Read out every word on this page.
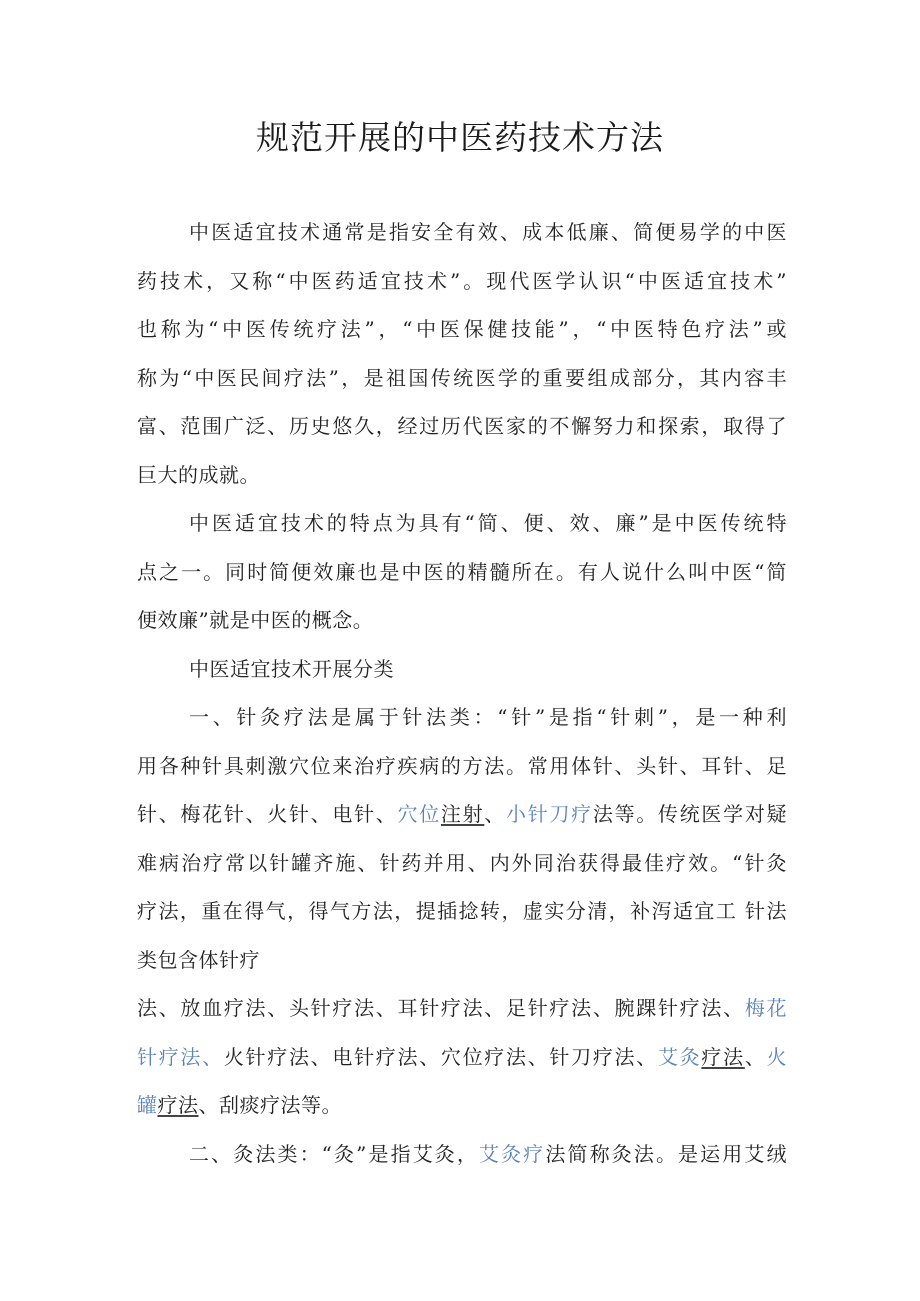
规范开展的中医药技术方法
中医适宜技术通常是指安全有效、成本低廉、简便易学的中医
药技术，又称“中医药适宜技术”。现代医学认识“中医适宜技术”
也称为“中医传统疗法”，“中医保健技能”，“中医特色疗法”或
称为“中医民间疗法”，是祖国传统医学的重要组成部分，其内容丰
富、范围广泛、历史悠久，经过历代医家的不懈努力和探索，取得了
巨大的成就。
中医适宜技术的特点为具有“简、便、效、廉”是中医传统特
点之一。同时简便效廉也是中医的精髓所在。有人说什么叫中医“简
便效廉”就是中医的概念。
中医适宜技术开展分类
一、针灸疗法是属于针法类：“针”是指“针刺”，是一种利
用各种针具刺激穴位来治疗疾病的方法。常用体针、头针、耳针、足
针、梅花针、火针、电针、穴位注射、小针刀疗法等。传统医学对疑
难病治疗常以针罐齐施、针药并用、内外同治获得最佳疗效。“针灸
疗法，重在得气，得气方法，提插捻转，虚实分清，补泻适宜工 针法
类包含体针疗
法、放血疗法、头针疗法、耳针疗法、足针疗法、腕踝针疗法、梅花
针疗法、火针疗法、电针疗法、穴位疗法、针刀疗法、艾灸疗法、火
罐疗法、刮痰疗法等。
二、灸法类：“灸”是指艾灸，艾灸疗法简称灸法。是运用艾绒
